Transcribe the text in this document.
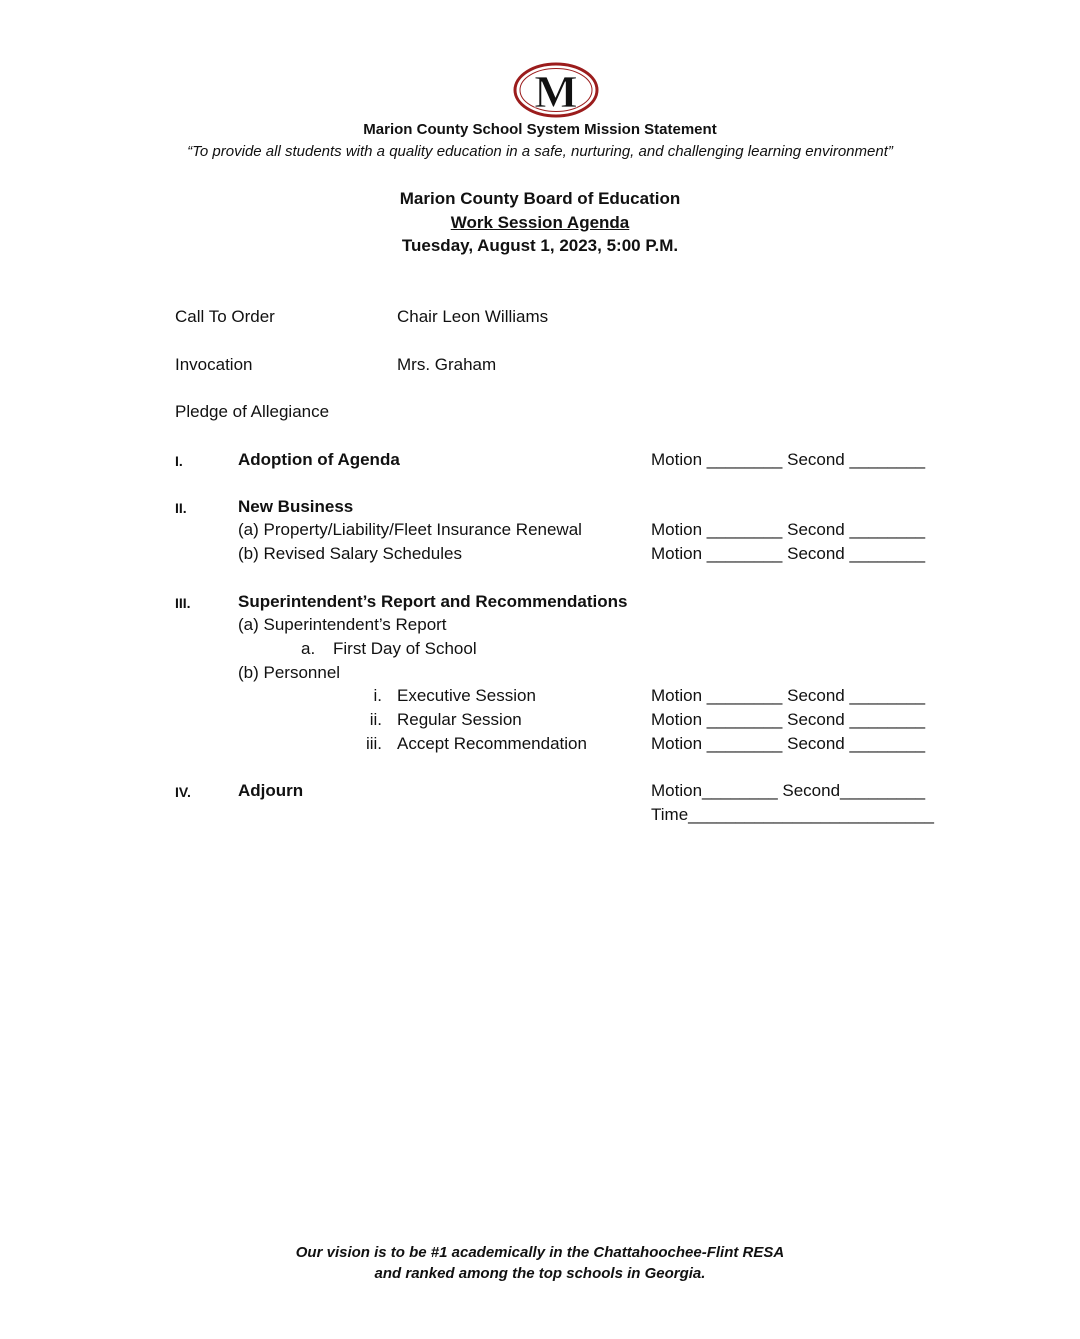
M
Marion County School System Mission Statement
“To provide all students with a quality education in a safe, nurturing, and challenging learning environment”
Marion County Board of Education
Work Session Agenda
Tuesday, August 1, 2023, 5:00 P.M.
Call To Order	Chair Leon Williams
Invocation	Mrs. Graham
Pledge of Allegiance
I.	Adoption of Agenda	Motion ________ Second ________
II.	New Business
(a) Property/Liability/Fleet Insurance Renewal	Motion ________ Second ________
(b) Revised Salary Schedules	Motion ________ Second ________
III.	Superintendent’s Report and Recommendations
(a) Superintendent’s Report
a. First Day of School
(b) Personnel
i. Executive Session	Motion ________ Second ________
ii. Regular Session	Motion ________ Second ________
iii. Accept Recommendation	Motion ________ Second ________
IV.	Adjourn	Motion________ Second_________
Time__________________________
Our vision is to be #1 academically in the Chattahoochee-Flint RESA
and ranked among the top schools in Georgia.
